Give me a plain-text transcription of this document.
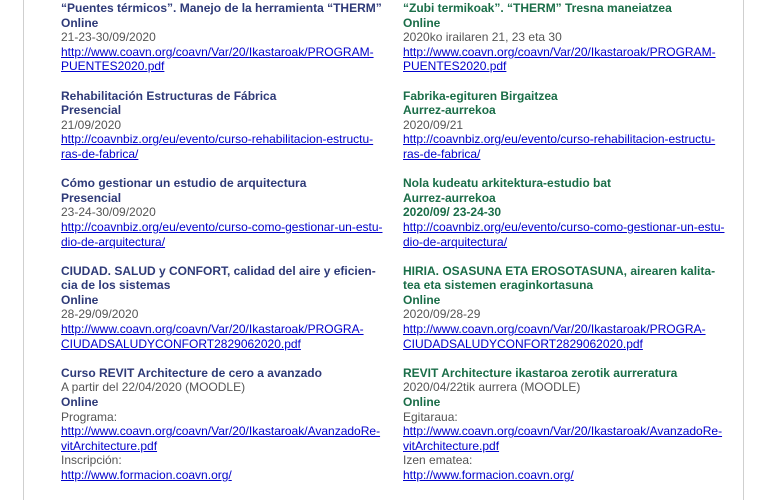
“Puentes térmicos”. Manejo de la herramienta “THERM”
Online
21-23-30/09/2020
http://www.coavn.org/coavn/Var/20/Ikastaroak/PROGRAM-
PUENTES2020.pdf
Rehabilitación Estructuras de Fábrica
Presencial
21/09/2020
http://coavnbiz.org/eu/evento/curso-rehabilitacion-estructu-
ras-de-fabrica/
Cómo gestionar un estudio de arquitectura
Presencial
23-24-30/09/2020
http://coavnbiz.org/eu/evento/curso-como-gestionar-un-estu-
dio-de-arquitectura/
CIUDAD. SALUD y CONFORT, calidad del aire y eficien-
cia de los sistemas
Online
28-29/09/2020
http://www.coavn.org/coavn/Var/20/Ikastaroak/PROGRA-
CIUDADSALUDYCONFORT2829062020.pdf
Curso REVIT Architecture de cero a avanzado
A partir del 22/04/2020 (MOODLE)
Online
Programa:
http://www.coavn.org/coavn/Var/20/Ikastaroak/AvanzadoRe-
vitArchitecture.pdf
Inscripción:
http://www.formacion.coavn.org/
“Zubi termikoak”. “THERM” Tresna maneiatzea
Online
2020ko irailaren 21, 23 eta 30
http://www.coavn.org/coavn/Var/20/Ikastaroak/PROGRAM-
PUENTES2020.pdf
Fabrika-egituren Birgaitzea
Aurrez-aurrekoa
2020/09/21
http://coavnbiz.org/eu/evento/curso-rehabilitacion-estructu-
ras-de-fabrica/
Nola kudeatu arkitektura-estudio bat
Aurrez-aurrekoa
2020/09/ 23-24-30
http://coavnbiz.org/eu/evento/curso-como-gestionar-un-estu-
dio-de-arquitectura/
HIRIA. OSASUNA ETA EROSOTASUNA, airearen kalita-
tea eta sistemen eraginkortasuna
Online
2020/09/28-29
http://www.coavn.org/coavn/Var/20/Ikastaroak/PROGRA-
CIUDADSALUDYCONFORT2829062020.pdf
REVIT Architecture ikastaroa zerotik aurreratura
2020/04/22tik aurrera (MOODLE)
Online
Egitaraua:
http://www.coavn.org/coavn/Var/20/Ikastaroak/AvanzadoRe-
vitArchitecture.pdf
Izen ematea:
http://www.formacion.coavn.org/
